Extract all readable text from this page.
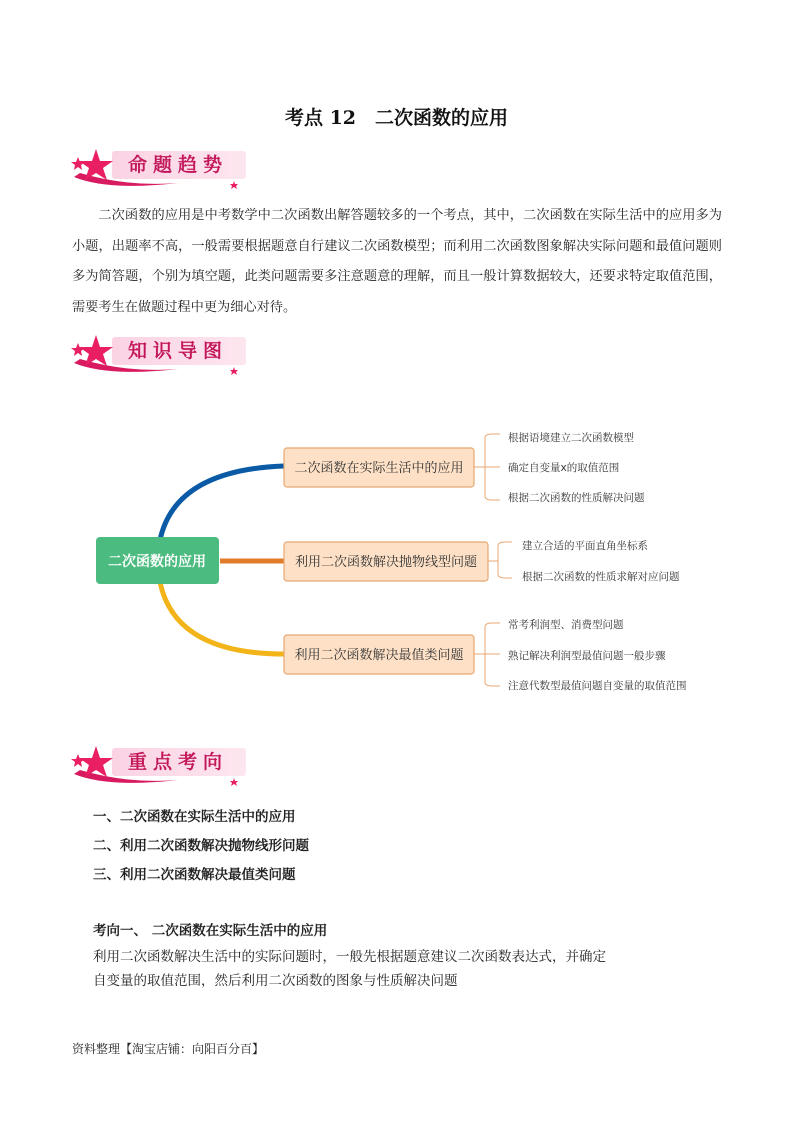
考点 12　二次函数的应用
命题趋势
二次函数的应用是中考数学中二次函数出解答题较多的一个考点，其中，二次函数在实际生活中的应用多为小题，出题率不高，一般需要根据题意自行建议二次函数模型；而利用二次函数图象解决实际问题和最值问题则多为简答题，个别为填空题，此类问题需要多注意题意的理解，而且一般计算数据较大，还要求特定取值范围，需要考生在做题过程中更为细心对待。
知识导图
二次函数的应用
二次函数在实际生活中的应用
根据语境建立二次函数模型
确定自变量x的取值范围
根据二次函数的性质解决问题
利用二次函数解决抛物线型问题
建立合适的平面直角坐标系
根据二次函数的性质求解对应问题
利用二次函数解决最值类问题
常考利润型、消费型问题
熟记解决利润型最值问题一般步骤
注意代数型最值问题自变量的取值范围
重点考向
一、二次函数在实际生活中的应用
二、利用二次函数解决抛物线形问题
三、利用二次函数解决最值类问题
考向一、 二次函数在实际生活中的应用
利用二次函数解决生活中的实际问题时，一般先根据题意建议二次函数表达式，并确定
自变量的取值范围，然后利用二次函数的图象与性质解决问题
资料整理【淘宝店铺：向阳百分百】
